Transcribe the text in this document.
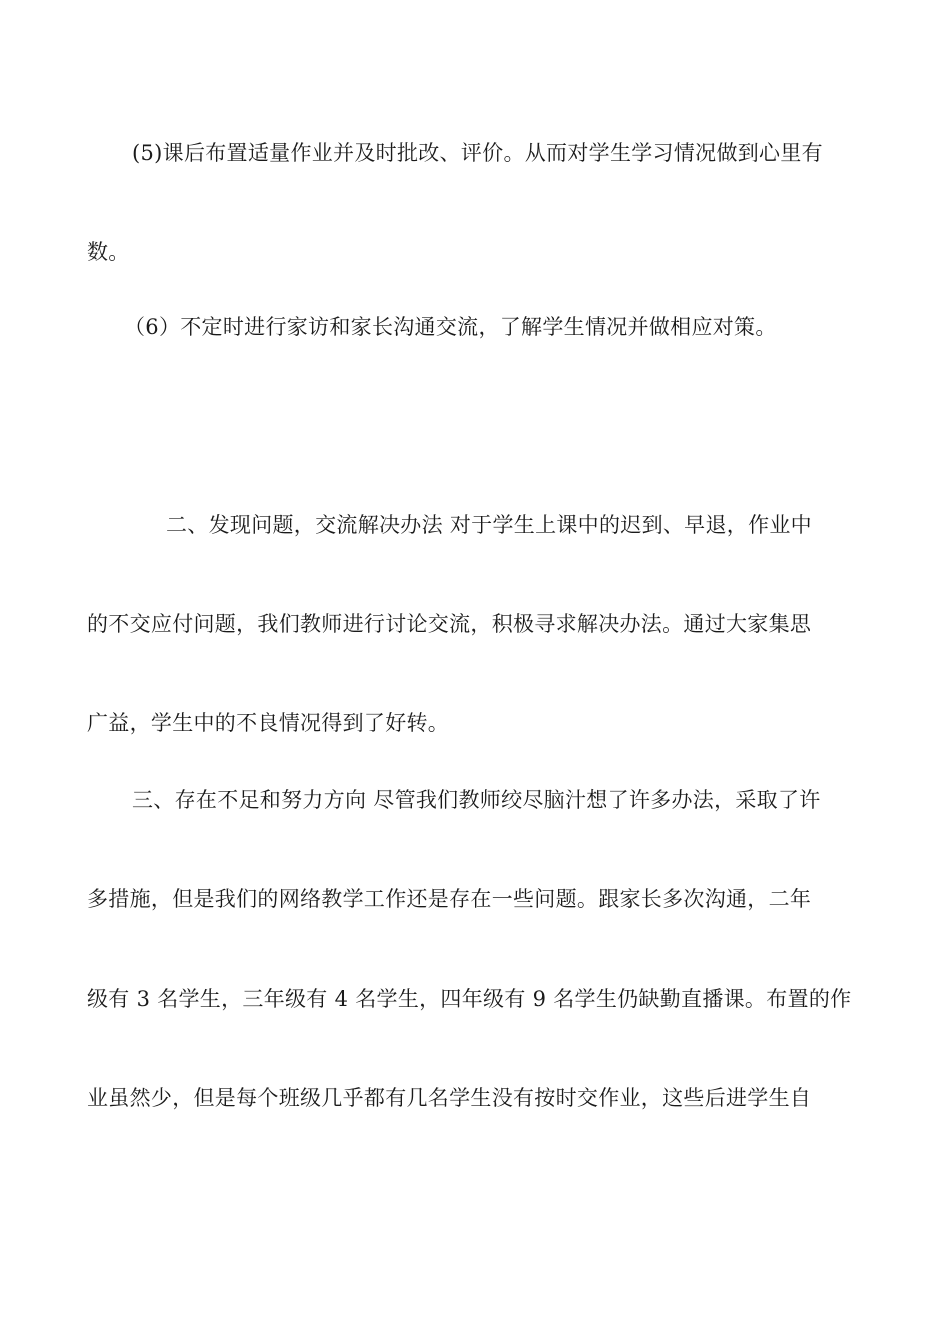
(5)课后布置适量作业并及时批改、评价。从而对学生学习情况做到心里有
数。
（6）不定时进行家访和家长沟通交流，了解学生情况并做相应对策。
二、发现问题，交流解决办法 对于学生上课中的迟到、早退，作业中
的不交应付问题，我们教师进行讨论交流，积极寻求解决办法。通过大家集思
广益，学生中的不良情况得到了好转。
三、存在不足和努力方向 尽管我们教师绞尽脑汁想了许多办法，采取了许
多措施，但是我们的网络教学工作还是存在一些问题。跟家长多次沟通，二年
级有 3 名学生，三年级有 4 名学生，四年级有 9 名学生仍缺勤直播课。布置的作
业虽然少，但是每个班级几乎都有几名学生没有按时交作业，这些后进学生自
